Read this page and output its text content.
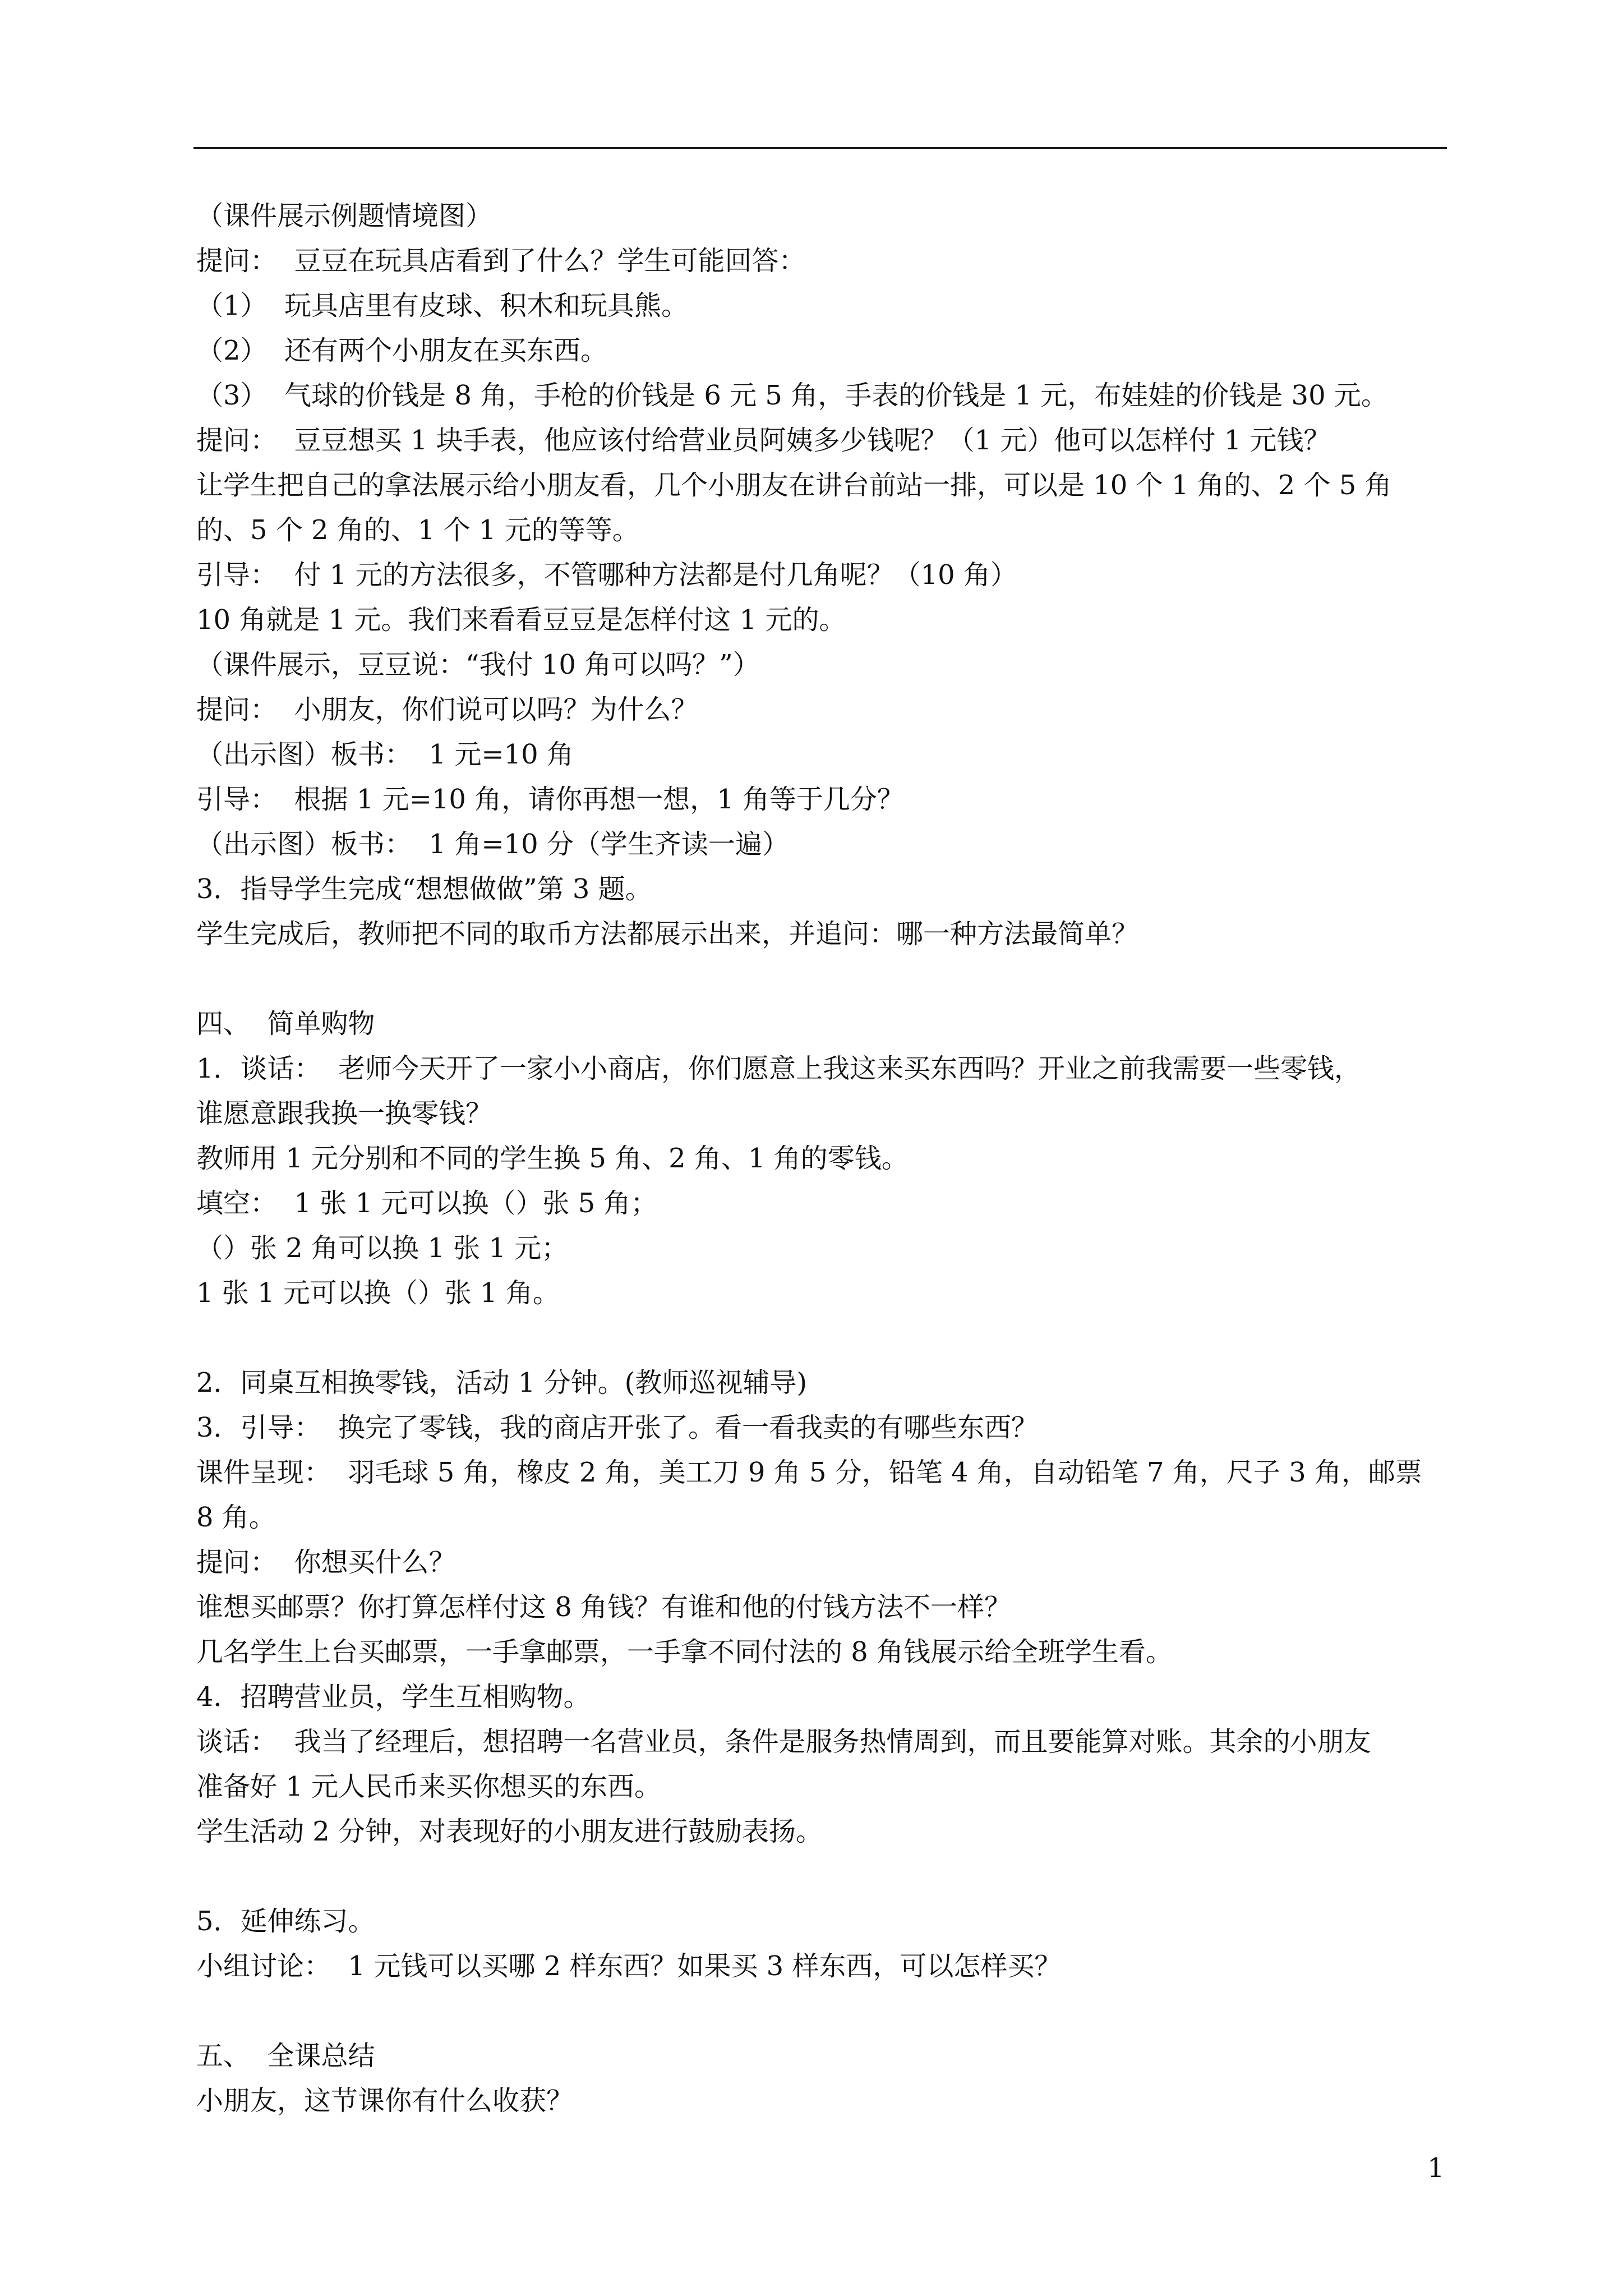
（课件展示例题情境图）
提问：  豆豆在玩具店看到了什么？学生可能回答：
（1）  玩具店里有皮球、积木和玩具熊。
（2）  还有两个小朋友在买东西。
（3）  气球的价钱是 8 角，手枪的价钱是 6 元 5 角，手表的价钱是 1 元，布娃娃的价钱是 30 元。
提问：  豆豆想买 1 块手表，他应该付给营业员阿姨多少钱呢？（1 元）他可以怎样付 1 元钱？
让学生把自己的拿法展示给小朋友看，几个小朋友在讲台前站一排，可以是 10 个 1 角的、2 个 5 角
的、5 个 2 角的、1 个 1 元的等等。
引导：  付 1 元的方法很多，不管哪种方法都是付几角呢？（10 角）
10 角就是 1 元。我们来看看豆豆是怎样付这 1 元的。
（课件展示，豆豆说：“我付 10 角可以吗？”）
提问：  小朋友，你们说可以吗？为什么？
（出示图）板书：  1 元=10 角
引导：  根据 1 元=10 角，请你再想一想，1 角等于几分？
（出示图）板书：  1 角=10 分（学生齐读一遍）
3．指导学生完成“想想做做”第 3 题。
学生完成后，教师把不同的取币方法都展示出来，并追问：哪一种方法最简单？
四、  简单购物
1．谈话：  老师今天开了一家小小商店，你们愿意上我这来买东西吗？开业之前我需要一些零钱，
谁愿意跟我换一换零钱？
教师用 1 元分别和不同的学生换 5 角、2 角、1 角的零钱。
填空：  1 张 1 元可以换（）张 5 角；
（）张 2 角可以换 1 张 1 元；
1 张 1 元可以换（）张 1 角。
2．同桌互相换零钱，活动 1 分钟。(教师巡视辅导)
3．引导：  换完了零钱，我的商店开张了。看一看我卖的有哪些东西？
课件呈现：  羽毛球 5 角，橡皮 2 角，美工刀 9 角 5 分，铅笔 4 角，自动铅笔 7 角，尺子 3 角，邮票
8 角。
提问：  你想买什么？
谁想买邮票？你打算怎样付这 8 角钱？有谁和他的付钱方法不一样？
几名学生上台买邮票，一手拿邮票，一手拿不同付法的 8 角钱展示给全班学生看。
4．招聘营业员，学生互相购物。
谈话：  我当了经理后，想招聘一名营业员，条件是服务热情周到，而且要能算对账。其余的小朋友
准备好 1 元人民币来买你想买的东西。
学生活动 2 分钟，对表现好的小朋友进行鼓励表扬。
5．延伸练习。
小组讨论：  1 元钱可以买哪 2 样东西？如果买 3 样东西，可以怎样买？
五、  全课总结
小朋友，这节课你有什么收获？
1
